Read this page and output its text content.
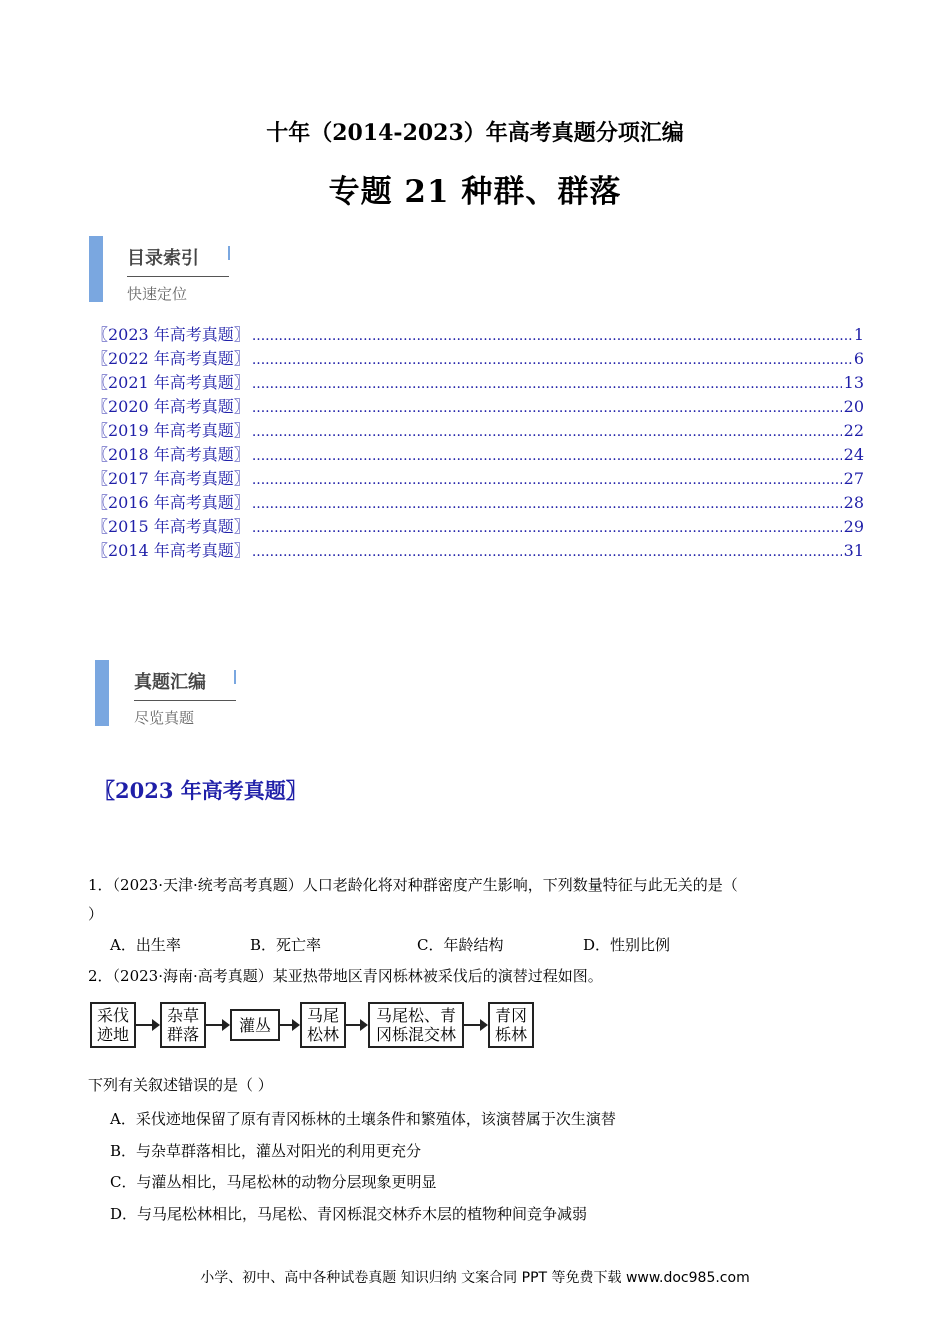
十年（2014-2023）年高考真题分项汇编
专题 21 种群、群落
目录索引
快速定位
〖2023 年高考真题〗 .....	1
〖2022 年高考真题〗 .....	6
〖2021 年高考真题〗 .....	13
〖2020 年高考真题〗 .....	20
〖2019 年高考真题〗 .....	22
〖2018 年高考真题〗 .....	24
〖2017 年高考真题〗 .....	27
〖2016 年高考真题〗 .....	28
〖2015 年高考真题〗 .....	29
〖2014 年高考真题〗 .....	31
真题汇编
尽览真题
〖2023 年高考真题〗
1．（2023·天津·统考高考真题）人口老龄化将对种群密度产生影响，下列数量特征与此无关的是（
）
A．出生率	B．死亡率	C．年龄结构	D．性别比例
2．（2023·海南·高考真题）某亚热带地区青冈栎林被采伐后的演替过程如图。
采伐
迹地
杂草
群落 灌丛 马尾
松林
马尾松、青
冈栎混交林
青冈
栎林
下列有关叙述错误的是（ ）
A．采伐迹地保留了原有青冈栎林的土壤条件和繁殖体，该演替属于次生演替
B．与杂草群落相比，灌丛对阳光的利用更充分
C．与灌丛相比，马尾松林的动物分层现象更明显
D．与马尾松林相比，马尾松、青冈栎混交林乔木层的植物种间竞争减弱
小学、初中、高中各种试卷真题 知识归纳 文案合同 PPT 等免费下载 www.doc985.com
